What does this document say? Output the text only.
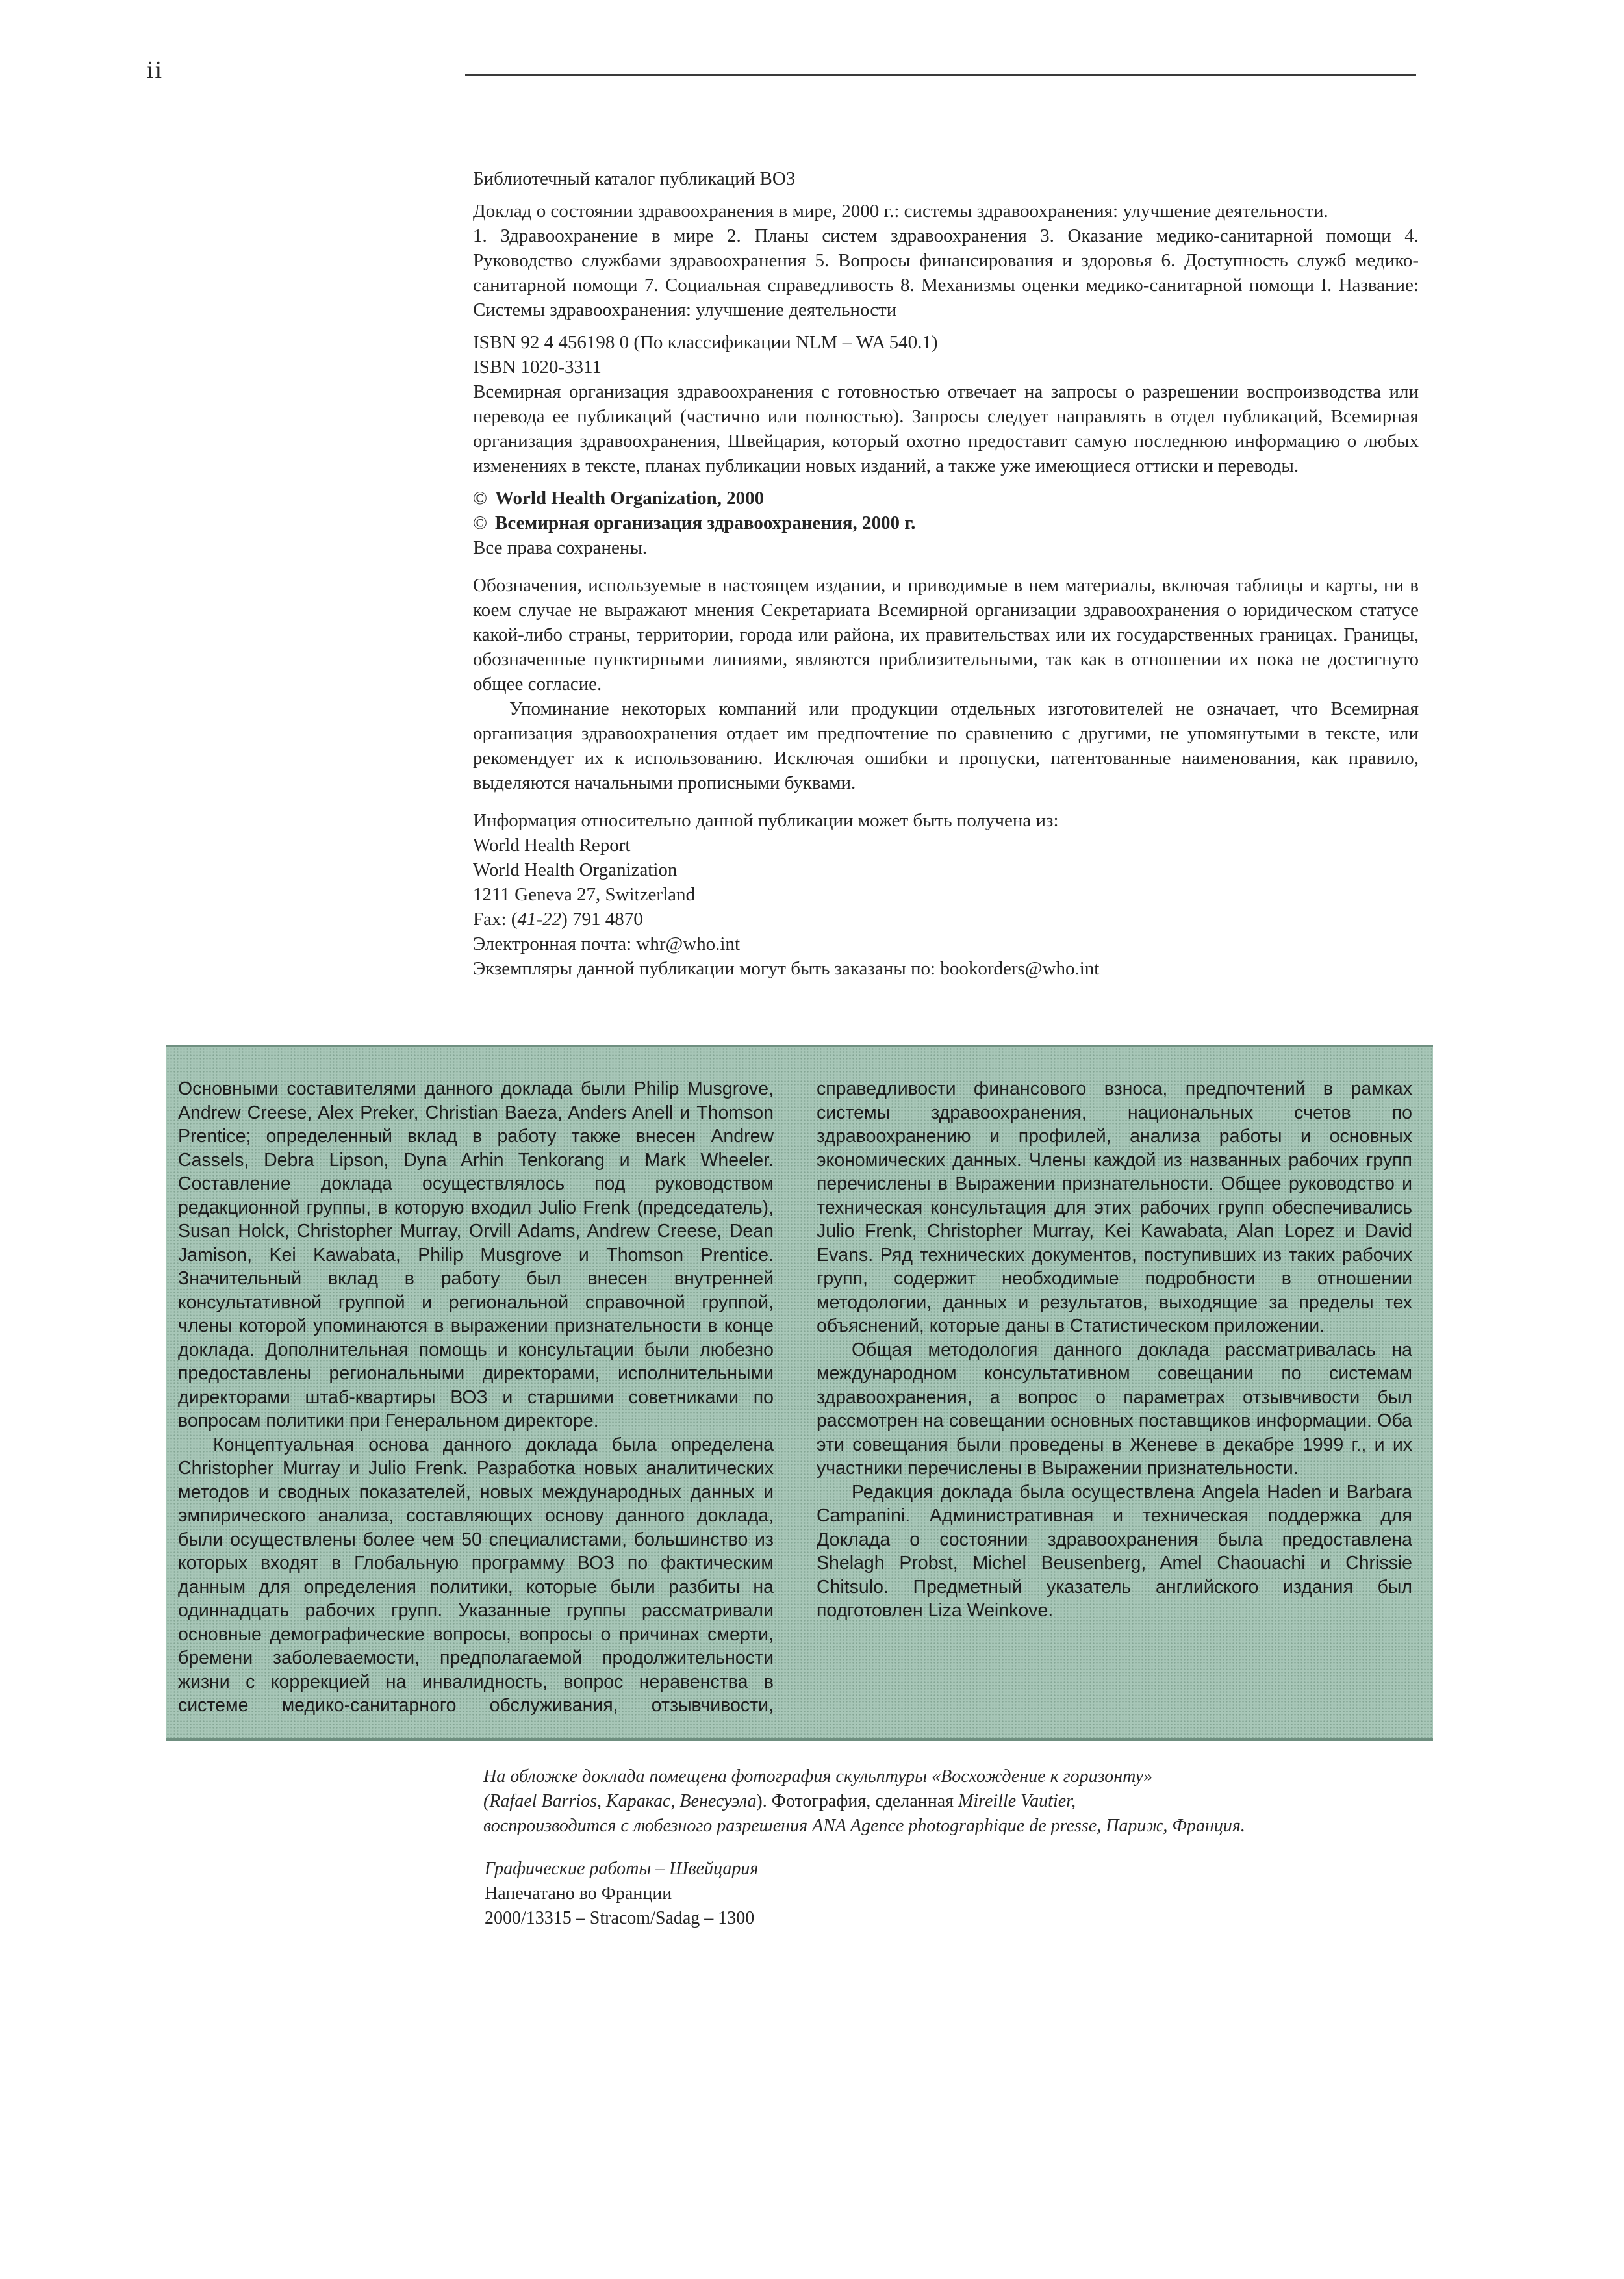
ii

Библиотечный каталог публикаций ВОЗ

Доклад о состоянии здравоохранения в мире, 2000 г.: системы здравоохранения: улучшение деятельности.

1. Здравоохранение в мире 2. Планы систем здравоохранения 3. Оказание медико-санитарной помощи 4. Руководство службами здравоохранения 5. Вопросы финансирования и здоровья 6. Доступность служб медико-санитарной помощи 7. Социальная справедливость 8. Механизмы оценки медико-санитарной помощи I. Название: Системы здравоохранения: улучшение деятельности

ISBN 92 4 456198 0 (По классификации NLM – WA 540.1)

ISBN 1020-3311

Всемирная организация здравоохранения с готовностью отвечает на запросы о разрешении воспроизводства или перевода ее публикаций (частично или полностью). Запросы следует направлять в отдел публикаций, Всемирная организация здравоохранения, Швейцария, который охотно предоставит самую последнюю информацию о любых изменениях в тексте, планах публикации новых изданий, а также уже имеющиеся оттиски и переводы.

© World Health Organization, 2000

© Всемирная организация здравоохранения, 2000 г.

Все права сохранены.

Обозначения, используемые в настоящем издании, и приводимые в нем материалы, включая таблицы и карты, ни в коем случае не выражают мнения Секретариата Всемирной организации здравоохранения о юридическом статусе какой-либо страны, территории, города или района, их правительствах или их государственных границах. Границы, обозначенные пунктирными линиями, являются приблизительными, так как в отношении их пока не достигнуто общее согласие.

Упоминание некоторых компаний или продукции отдельных изготовителей не означает, что Всемирная организация здравоохранения отдает им предпочтение по сравнению с другими, не упомянутыми в тексте, или рекомендует их к использованию. Исключая ошибки и пропуски, патентованные наименования, как правило, выделяются начальными прописными буквами.

Информация относительно данной публикации может быть получена из:

World Health Report

World Health Organization

1211 Geneva 27, Switzerland

Fax: (41-22) 791 4870

Электронная почта: whr@who.int

Экземпляры данной публикации могут быть заказаны по: bookorders@who.int

Основными составителями данного доклада были Philip Musgrove, Andrew Creese, Alex Preker, Christian Baeza, Anders Anell и Thomson Prentice; определенный вклад в работу также внесен Andrew Cassels, Debra Lipson, Dyna Arhin Tenkorang и Mark Wheeler. Составление доклада осуществлялось под руководством редакционной группы, в которую входил Julio Frenk (председатель), Susan Holck, Christopher Murray, Orvill Adams, Andrew Creese, Dean Jamison, Kei Kawabata, Philip Musgrove и Thomson Prentice. Значительный вклад в работу был внесен внутренней консультативной группой и региональной справочной группой, члены которой упоминаются в выражении признательности в конце доклада. Дополнительная помощь и консультации были любезно предоставлены региональными директорами, исполнительными директорами штаб-квартиры ВОЗ и старшими советниками по вопросам политики при Генеральном директоре.

Концептуальная основа данного доклада была определена Christopher Murray и Julio Frenk. Разработка новых аналитических методов и сводных показателей, новых международных данных и эмпирического анализа, составляющих основу данного доклада, были осуществлены более чем 50 специалистами, большинство из которых входят в Глобальную программу ВОЗ по фактическим данным для определения политики, которые были разбиты на одиннадцать рабочих групп. Указанные группы рассматривали основные демографические вопросы, вопросы о причинах смерти, бремени заболеваемости, предполагаемой продолжительности жизни с коррекцией на инвалидность, вопрос неравенства в системе медико-санитарного обслуживания, отзывчивости, справедливости финансового взноса, предпочтений в рамках системы здравоохранения, национальных счетов по здравоохранению и профилей, анализа работы и основных экономических данных. Члены каждой из названных рабочих групп перечислены в Выражении признательности. Общее руководство и техническая консультация для этих рабочих групп обеспечивались Julio Frenk, Christopher Murray, Kei Kawabata, Alan Lopez и David Evans. Ряд технических документов, поступивших из таких рабочих групп, содержит необходимые подробности в отношении методологии, данных и результатов, выходящие за пределы тех объяснений, которые даны в Статистическом приложении.

Общая методология данного доклада рассматривалась на международном консультативном совещании по системам здравоохранения, а вопрос о параметрах отзывчивости был рассмотрен на совещании основных поставщиков информации. Оба эти совещания были проведены в Женеве в декабре 1999 г., и их участники перечислены в Выражении признательности.

Редакция доклада была осуществлена Angela Haden и Barbara Campanini. Административная и техническая поддержка для Доклада о состоянии здравоохранения была предоставлена Shelagh Probst, Michel Beusenberg, Amel Chaouachi и Chrissie Chitsulo. Предметный указатель английского издания был подготовлен Liza Weinkove.

На обложке доклада помещена фотография скульптуры «Восхождение к горизонту»

(Rafael Barrios, Каракас, Венесуэла). Фотография, сделанная Mireille Vautier,

воспроизводится с любезного разрешения ANA Agence photographique de presse, Париж, Франция.

Графические работы – Швейцария

Напечатано во Франции

2000/13315 – Stracom/Sadag – 1300
